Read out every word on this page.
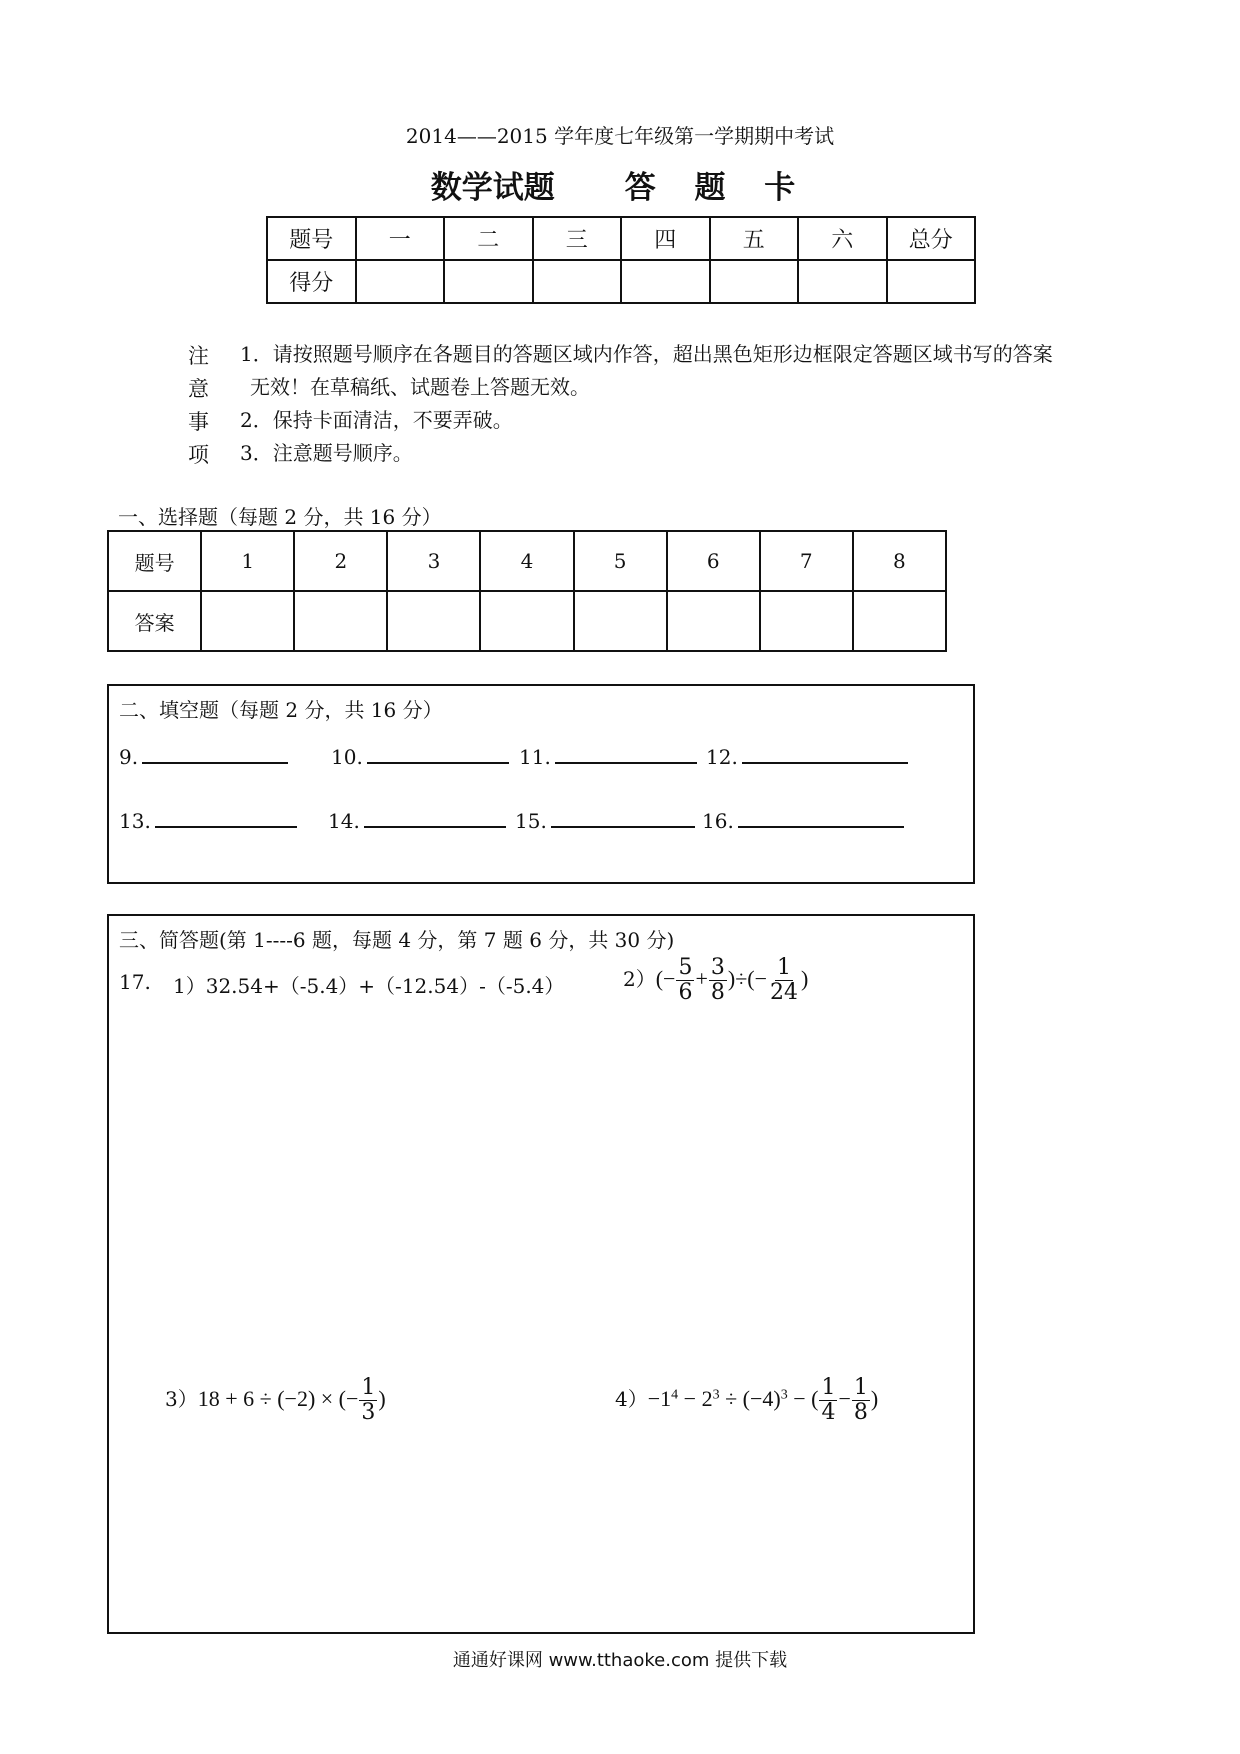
2014——2015 学年度七年级第一学期期中考试
数学试题 答 题 卡
题号	一	二	三	四	五	六	总分
得分							
注
意
事
项
1．请按照题号顺序在各题目的答题区域内作答，超出黑色矩形边框限定答题区域书写的答案
无效！在草稿纸、试题卷上答题无效。
2．保持卡面清洁，不要弄破。
3．注意题号顺序。
一、选择题（每题 2 分，共 16 分）
题号	1	2	3	4	5	6	7	8
答案								
二、填空题（每题 2 分，共 16 分）
9.	10.	11.	12.
13.	14.	15.	16.
三、简答题(第 1----6 题，每题 4 分，第 7 题 6 分，共 30 分)
17. 1）32.54+（-5.4）+（-12.54）-（-5.4）	$2)(- \frac{5}{6} + \frac{3}{8}$ )÷(− $\frac{1}{24}$ )
3）18 + 6 ÷ (−2) × (− $\frac{1}{3}$ )	$4)-1^4 - 2^3 \div (-4)^3$ − ( $\frac{1}{4} - \frac{1}{8}$ )
通通好课网 www.tthaoke.com 提供下载
